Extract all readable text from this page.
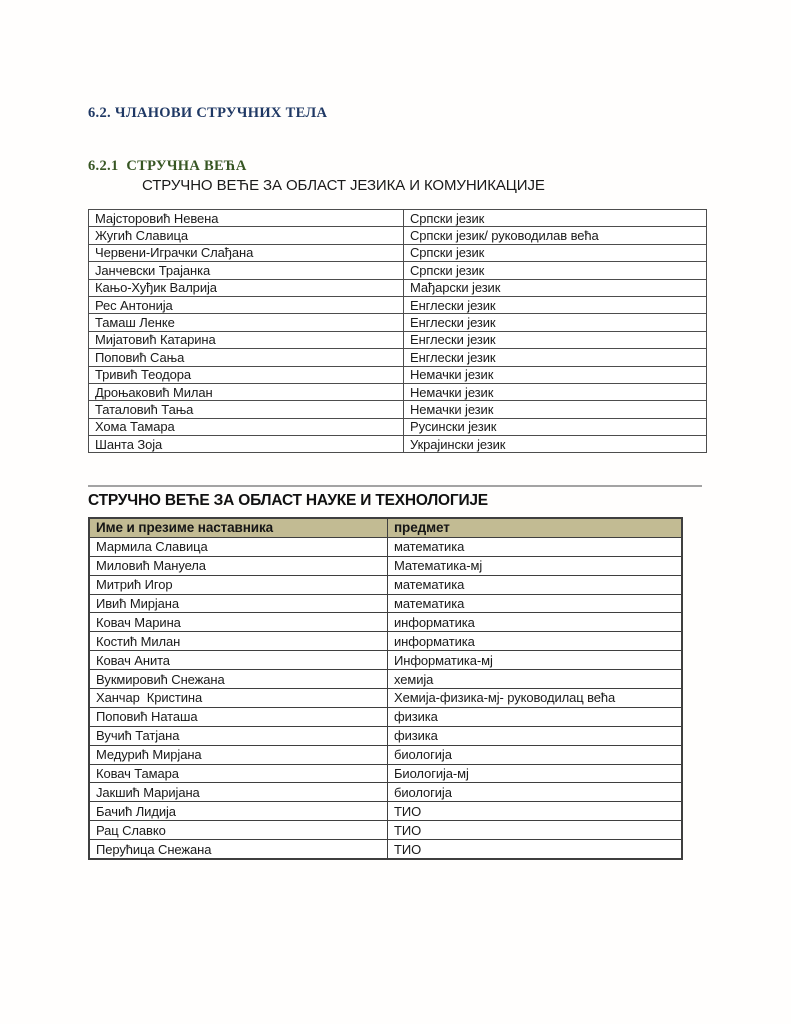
6.2. ЧЛАНОВИ СТРУЧНИХ ТЕЛА
6.2.1  СТРУЧНА ВЕЋА
СТРУЧНО ВЕЋЕ ЗА ОБЛАСТ ЈЕЗИКА И КОМУНИКАЦИЈЕ
Мајсторовић Невена	Српски језик
Жугић Славица	Српски језик/ руководилав већа
Червени-Играчки Слађана	Српски језик
Јанчевски Трајанка	Српски језик
Кањо-Хуђик Валрија	Мађарски језик
Рес Антонија	Енглески језик
Тамаш Ленке	Енглески језик
Мијатовић Катарина	Енглески језик
Поповић Сања	Енглески језик
Тривић Теодора	Немачки језик
Дроњаковић Милан	Немачки језик
Таталовић Тања	Немачки језик
Хома Тамара	Русински језик
Шанта Зоја	Украјински језик
СТРУЧНО ВЕЋЕ ЗА ОБЛАСТ НАУКЕ И ТЕХНОЛОГИЈЕ
Име и презиме наставника	предмет
Мармила Славица	математика
Миловић Мануела	Математика-мј
Митрић Игор	математика
Ивић Мирјана	математика
Ковач Марина	информатика
Костић Милан	информатика
Ковач Анита	Информатика-мј
Вукмировић Снежана	хемија
Ханчар  Кристина	Хемија-физика-мј- руководилац већа
Поповић Наташа	физика
Вучић Татјана	физика
Медурић Мирјана	биологија
Ковач Тамара	Биологија-мј
Јакшић Маријана	биологија
Бачић Лидија	ТИО
Рац Славко	ТИО
Перућица Снежана	ТИО
